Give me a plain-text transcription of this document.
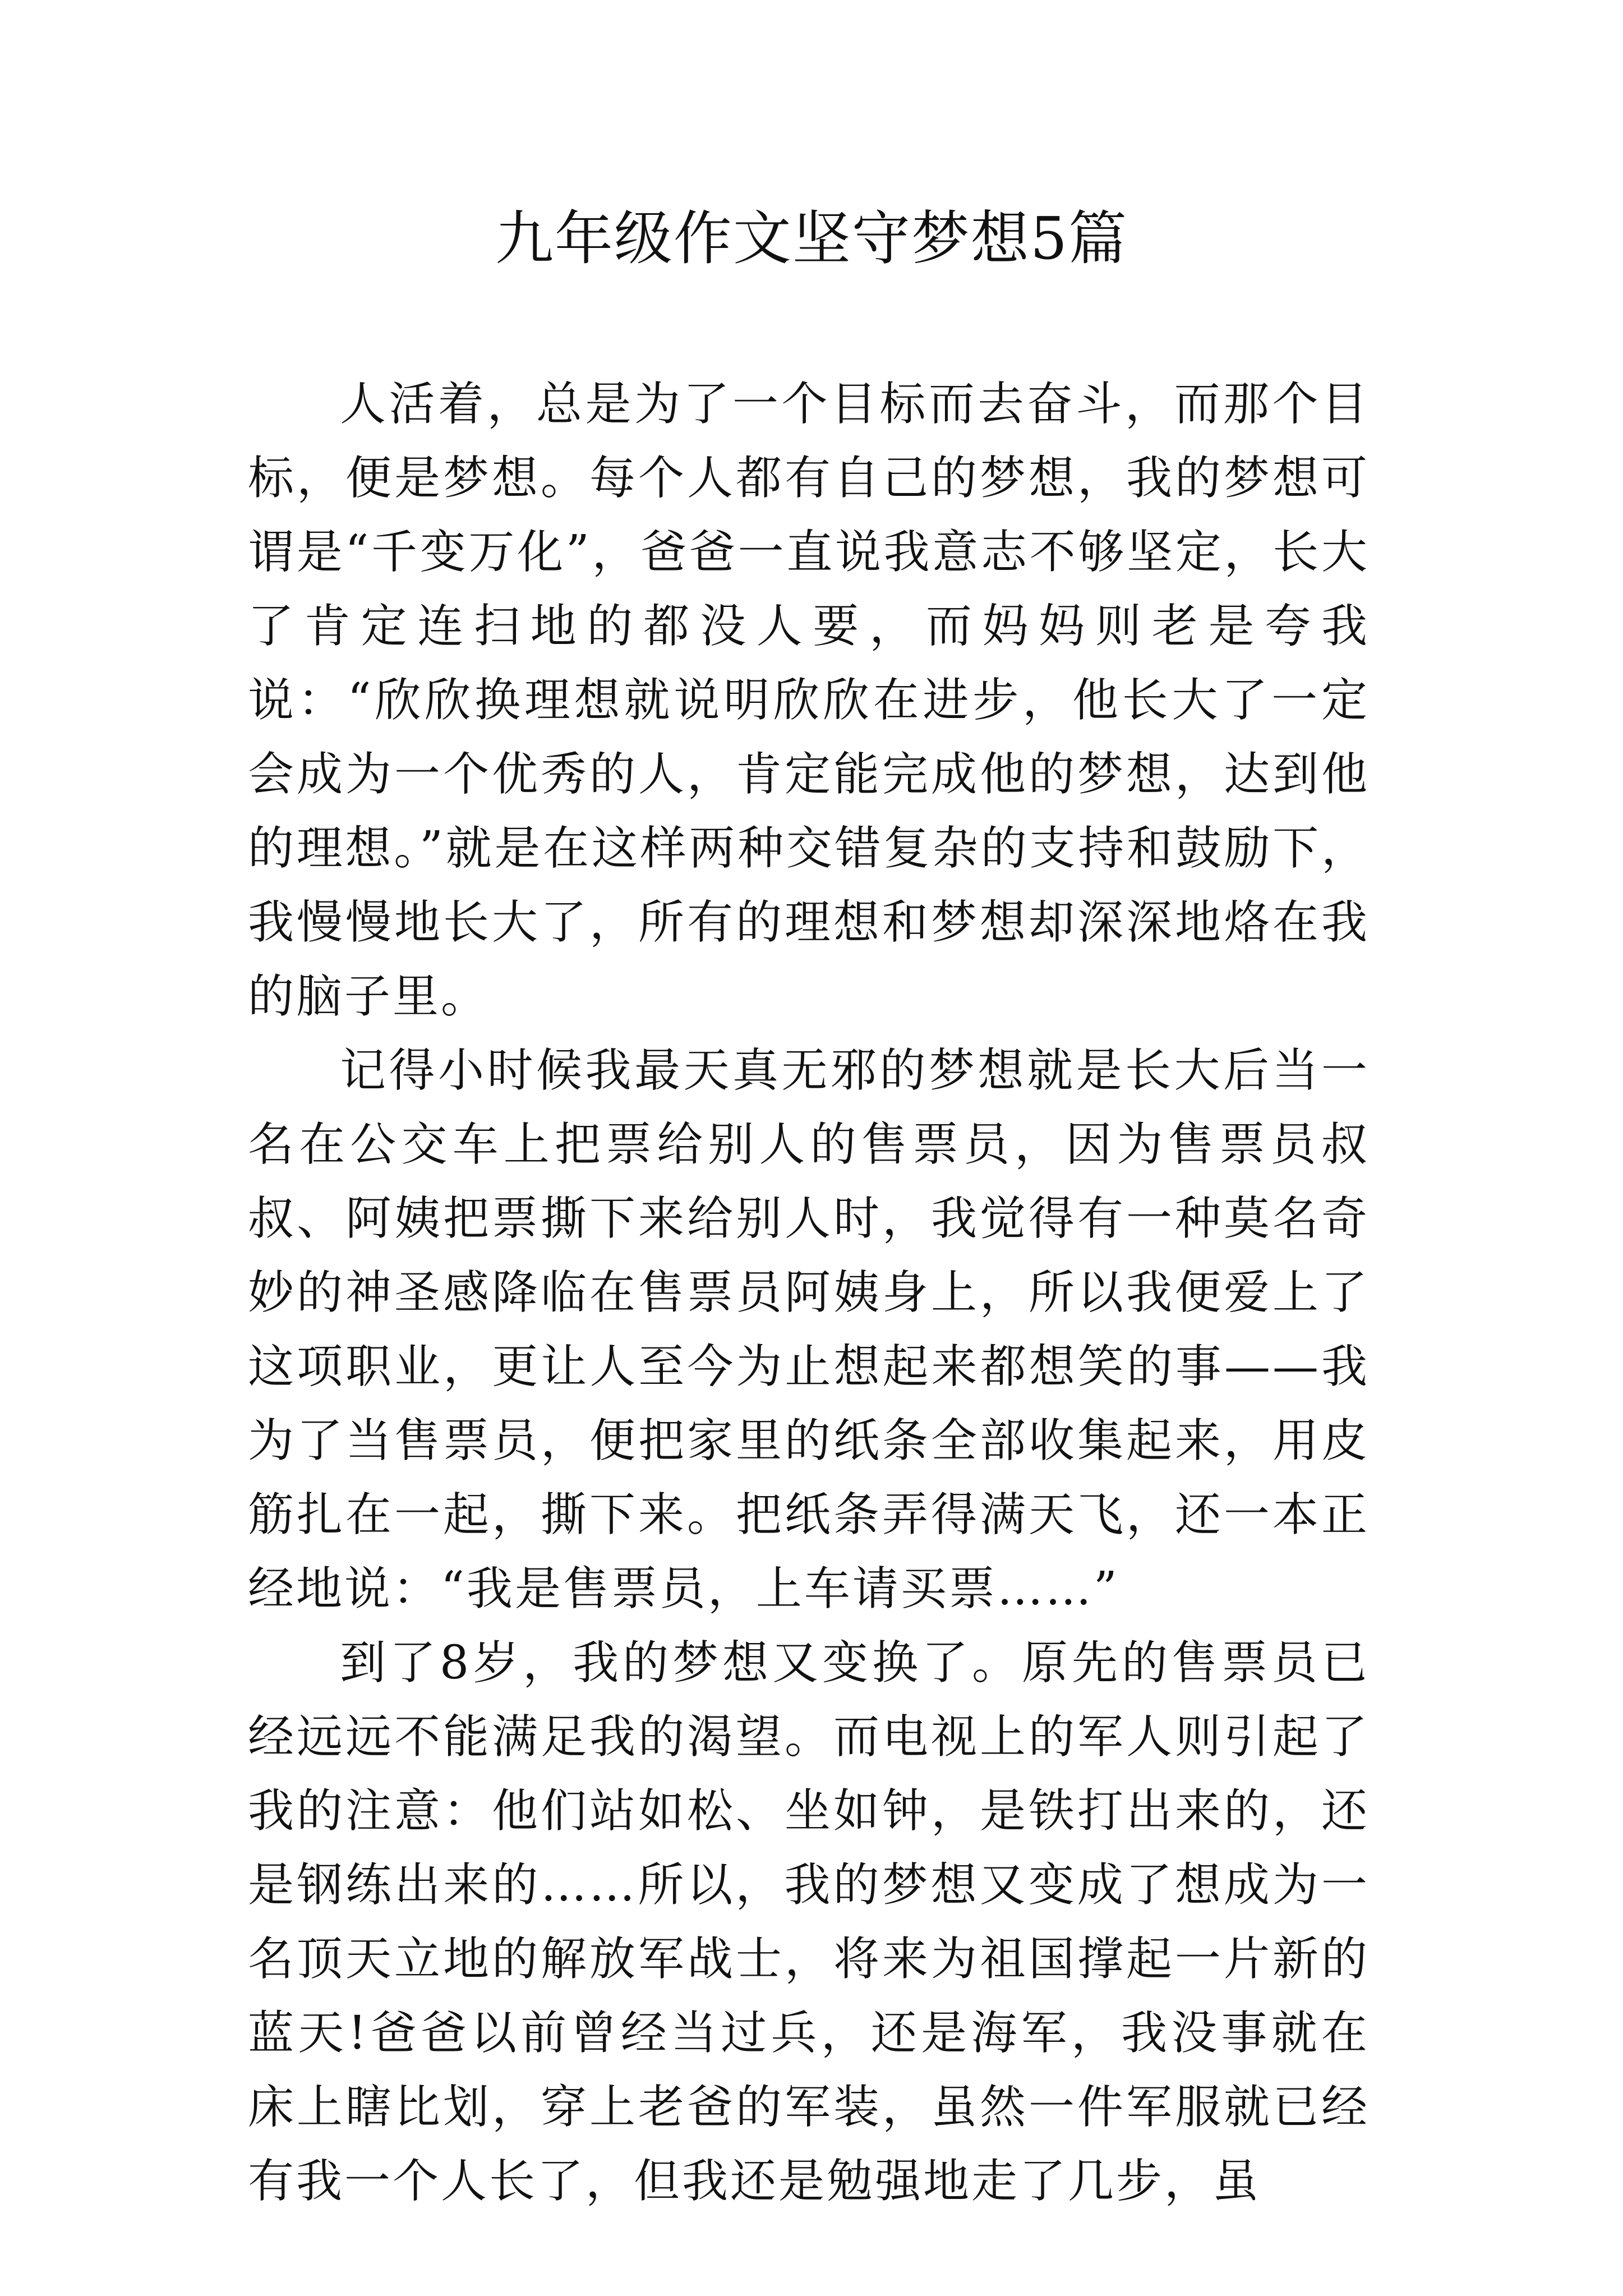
九年级作文坚守梦想5篇

人活着，总是为了一个目标而去奋斗，而那个目标，便是梦想。每个人都有自己的梦想，我的梦想可谓是“千变万化”，爸爸一直说我意志不够坚定，长大了肯定连扫地的都没人要，而妈妈则老是夸我说：“欣欣换理想就说明欣欣在进步，他长大了一定会成为一个优秀的人，肯定能完成他的梦想，达到他的理想。”就是在这样两种交错复杂的支持和鼓励下，我慢慢地长大了，所有的理想和梦想却深深地烙在我的脑子里。

记得小时候我最天真无邪的梦想就是长大后当一名在公交车上把票给别人的售票员，因为售票员叔叔、阿姨把票撕下来给别人时，我觉得有一种莫名奇妙的神圣感降临在售票员阿姨身上，所以我便爱上了这项职业，更让人至今为止想起来都想笑的事——我为了当售票员，便把家里的纸条全部收集起来，用皮筋扎在一起，撕下来。把纸条弄得满天飞，还一本正经地说：“我是售票员，上车请买票……”

到了8岁，我的梦想又变换了。原先的售票员已经远远不能满足我的渴望。而电视上的军人则引起了我的注意：他们站如松、坐如钟，是铁打出来的，还是钢练出来的……所以，我的梦想又变成了想成为一名顶天立地的解放军战士，将来为祖国撑起一片新的蓝天!爸爸以前曾经当过兵，还是海军，我没事就在床上瞎比划，穿上老爸的军装，虽然一件军服就已经有我一个人长了，但我还是勉强地走了几步，虽
